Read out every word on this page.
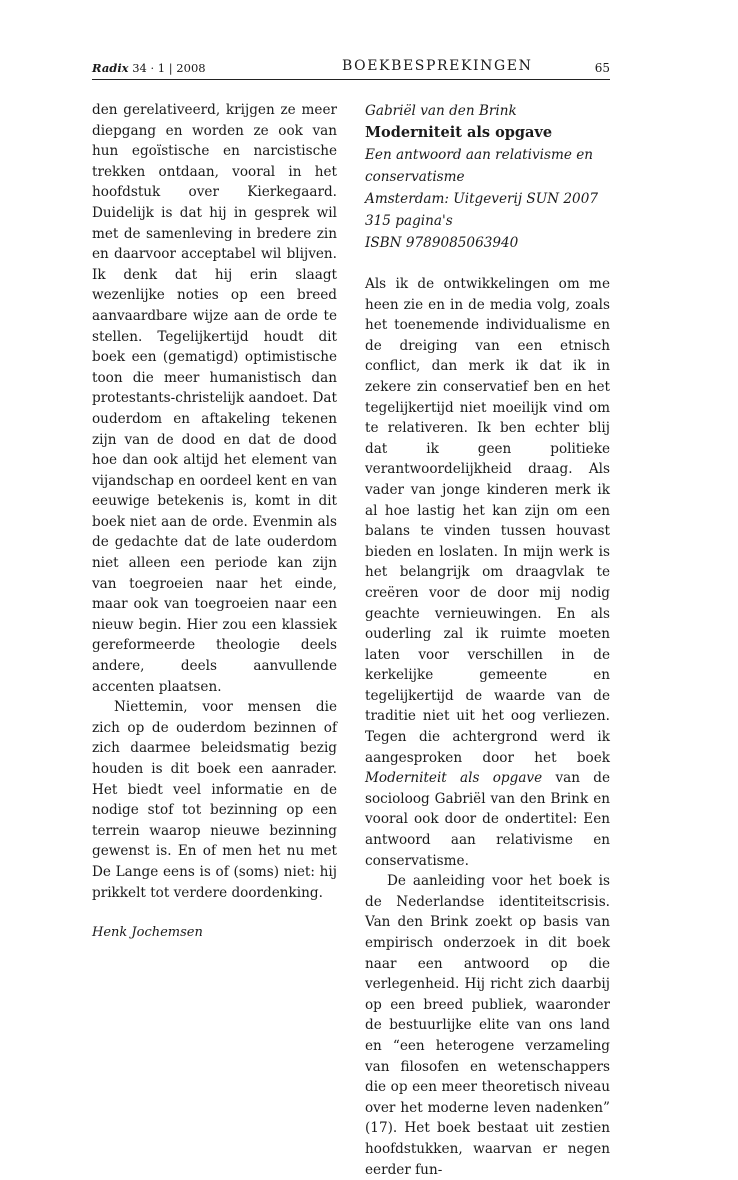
Radix 34 · 1 | 2008	BOEKBESPREKINGEN	65

den gerelativeerd, krijgen ze meer diepgang en worden ze ook van hun egoïstische en narcistische trekken ontdaan, vooral in het hoofdstuk over Kierkegaard. Duidelijk is dat hij in gesprek wil met de samenleving in bredere zin en daarvoor acceptabel wil blijven. Ik denk dat hij erin slaagt wezenlijke noties op een breed aanvaardbare wijze aan de orde te stellen. Tegelijkertijd houdt dit boek een (gematigd) optimistische toon die meer humanistisch dan protestants-christelijk aandoet. Dat ouderdom en aftakeling tekenen zijn van de dood en dat de dood hoe dan ook altijd het element van vijandschap en oordeel kent en van eeuwige betekenis is, komt in dit boek niet aan de orde. Evenmin als de gedachte dat de late ouderdom niet alleen een periode kan zijn van toegroeien naar het einde, maar ook van toegroeien naar een nieuw begin. Hier zou een klassiek gereformeerde theologie deels andere, deels aanvullende accenten plaatsen.

Niettemin, voor mensen die zich op de ouderdom bezinnen of zich daarmee beleidsmatig bezig houden is dit boek een aanrader. Het biedt veel informatie en de nodige stof tot bezinning op een terrein waarop nieuwe bezinning gewenst is. En of men het nu met De Lange eens is of (soms) niet: hij prikkelt tot verdere doordenking.

Henk Jochemsen

Gabriël van den Brink
Moderniteit als opgave
Een antwoord aan relativisme en conservatisme
Amsterdam: Uitgeverij SUN 2007
315 pagina's
ISBN 9789085063940

Als ik de ontwikkelingen om me heen zie en in de media volg, zoals het toenemende individualisme en de dreiging van een etnisch conflict, dan merk ik dat ik in zekere zin conservatief ben en het tegelijkertijd niet moeilijk vind om te relativeren. Ik ben echter blij dat ik geen politieke verantwoordelijkheid draag. Als vader van jonge kinderen merk ik al hoe lastig het kan zijn om een balans te vinden tussen houvast bieden en loslaten. In mijn werk is het belangrijk om draagvlak te creëren voor de door mij nodig geachte vernieuwingen. En als ouderling zal ik ruimte moeten laten voor verschillen in de kerkelijke gemeente en tegelijkertijd de waarde van de traditie niet uit het oog verliezen. Tegen die achtergrond werd ik aangesproken door het boek Moderniteit als opgave van de socioloog Gabriël van den Brink en vooral ook door de ondertitel: Een antwoord aan relativisme en conservatisme.

De aanleiding voor het boek is de Nederlandse identiteitscrisis. Van den Brink zoekt op basis van empirisch onderzoek in dit boek naar een antwoord op die verlegenheid. Hij richt zich daarbij op een breed publiek, waaronder de bestuurlijke elite van ons land en “een heterogene verzameling van filosofen en wetenschappers die op een meer theoretisch niveau over het moderne leven nadenken” (17). Het boek bestaat uit zestien hoofdstukken, waarvan er negen eerder fun-
